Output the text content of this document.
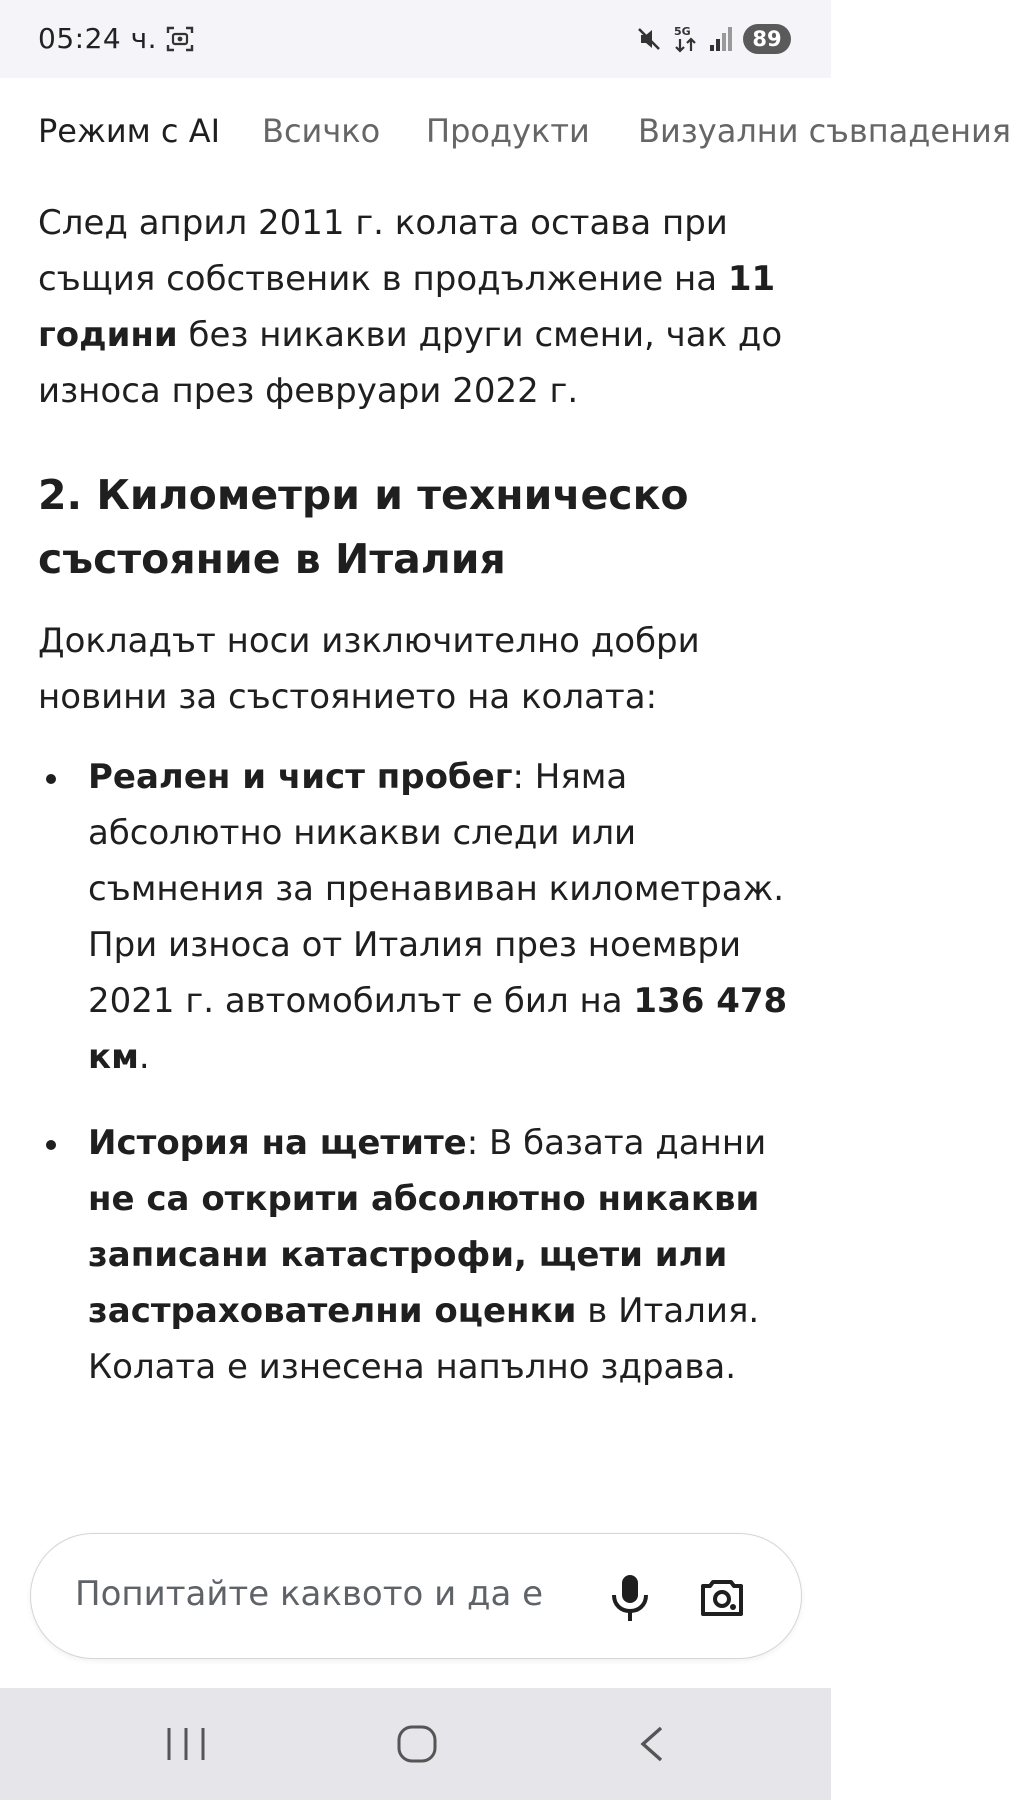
05:24 ч.	5G	89
Режим с AI Всичко Продукти Визуални съвпадения

След април 2011 г. колата остава при същия собственик в продължение на 11 години без никакви други смени, чак до износа през февруари 2022 г.

2. Километри и техническо състояние в Италия

Докладът носи изключително добри новини за състоянието на колата:

Реален и чист пробег: Няма абсолютно никакви следи или съмнения за пренавиван километраж. При износа от Италия през ноември 2021 г. автомобилът е бил на 136 478 км.
История на щетите: В базата данни не са открити абсолютно никакви записани катастрофи, щети или застрахователни оценки в Италия. Колата е изнесена напълно здрава.
Попитайте каквото и да е
